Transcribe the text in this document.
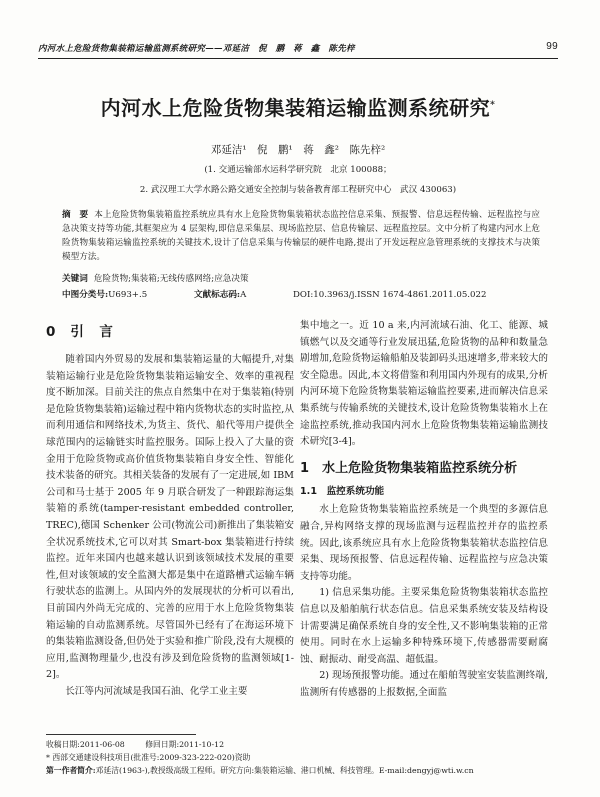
内河水上危险货物集装箱运输监测系统研究——邓延洁　倪　鹏　蒋　鑫　陈先梓	99
内河水上危险货物集装箱运输监测系统研究*
邓延洁¹　倪　鹏¹　蒋　鑫²　陈先梓²
(1. 交通运输部水运科学研究院　北京 100088；
2. 武汉理工大学水路公路交通安全控制与装备教育部工程研究中心　武汉 430063)
摘　要 本上危险货物集装箱监控系统应具有水上危险货物集装箱状态监控信息采集、预报警、信息远程传输、远程监控与应急决策支持等功能,其框架应为 4 层架构,即信息采集层、现场监控层、信息传输层、远程监控层。文中分析了构建内河水上危险货物集装箱运输监控系统的关键技术,设计了信息采集与传输层的硬件电路,提出了开发远程应急管理系统的支撑技术与决策模型方法。
关键词 危险货物;集装箱;无线传感网络;应急决策
中图分类号:U693+.5	文献标志码:A	DOI:10.3963/j.ISSN 1674-4861.2011.05.022
0 引　言

随着国内外贸易的发展和集装箱运量的大幅提升,对集装箱运输行业是危险货物集装箱运输安全、效率的重视程度不断加深。目前关注的焦点自然集中在对于集装箱(特别是危险货物集装箱)运输过程中箱内货物状态的实时监控,从而利用通信和网络技术,为货主、货代、船代等用户提供全球范围内的运输链实时监控服务。国际上投入了大量的资金用于危险货物或高价值货物集装箱自身安全性、智能化技术装备的研究。其相关装备的发展有了一定进展,如 IBM 公司和马士基于 2005 年 9 月联合研发了一种跟踪海运集装箱的系统(tamper-resistant embedded controller, TREC),德国 Schenker 公司(物流公司)新推出了集装箱安全状况系统技术,它可以对其 Smart-box 集装箱进行持续监控。近年来国内也越来越认识到该领域技术发展的重要性,但对该领域的安全监测大都是集中在道路槽式运输车辆行驶状态的监测上。从国内外的发展现状的分析可以看出,目前国内外尚无完成的、完善的应用于水上危险货物集装箱运输的自动监测系统。尽管国外已经有了在海运环境下的集装箱监测设备,但仍处于实验和推广阶段,没有大规模的应用,监测物理量少,也没有涉及到危险货物的监测领域[1-2]。

长江等内河流域是我国石油、化学工业主要

集中地之一。近 10 a 来,内河流域石油、化工、能源、城镇燃气以及交通等行业发展迅猛,危险货物的品种和数量急剧增加,危险货物运输船舶及装卸码头迅速增多,带来较大的安全隐患。因此,本文将借鉴和利用国内外现有的成果,分析内河环境下危险货物集装箱运输监控要素,进而解决信息采集系统与传输系统的关键技术,设计危险货物集装箱水上在途监控系统,推动我国内河水上危险货物集装箱运输监测技术研究[3-4]。

1　 水上危险货物集装箱监控系统分析
1.1　监控系统功能

水上危险货物集装箱监控系统是一个典型的多源信息融合,异构网络支撑的现场监测与远程监控并存的监控系统。因此,该系统应具有水上危险货物集装箱状态监控信息采集、现场预报警、信息远程传输、远程监控与应急决策支持等功能。

1) 信息采集功能。主要采集危险货物集装箱状态监控信息以及船舶航行状态信息。信息采集系统安装及结构设计需要满足确保系统自身的安全性,又不影响集装箱的正常使用。同时在水上运输多种特殊环境下,传感器需要耐腐蚀、耐振动、耐受高温、超低温。

2) 现场预报警功能。通过在船舶驾驶室安装监测终端,监测所有传感器的上报数据,全面监

收稿日期:2011-06-08	修回日期:2011-10-12
* 西部交通建设科技项目(批准号:2009-323-222-020)资助
第一作者简介:邓延洁(1963-),教授级高级工程师。研究方向:集装箱运输、港口机械、科技管理。E-mail:dengyj@wti.w.cn
